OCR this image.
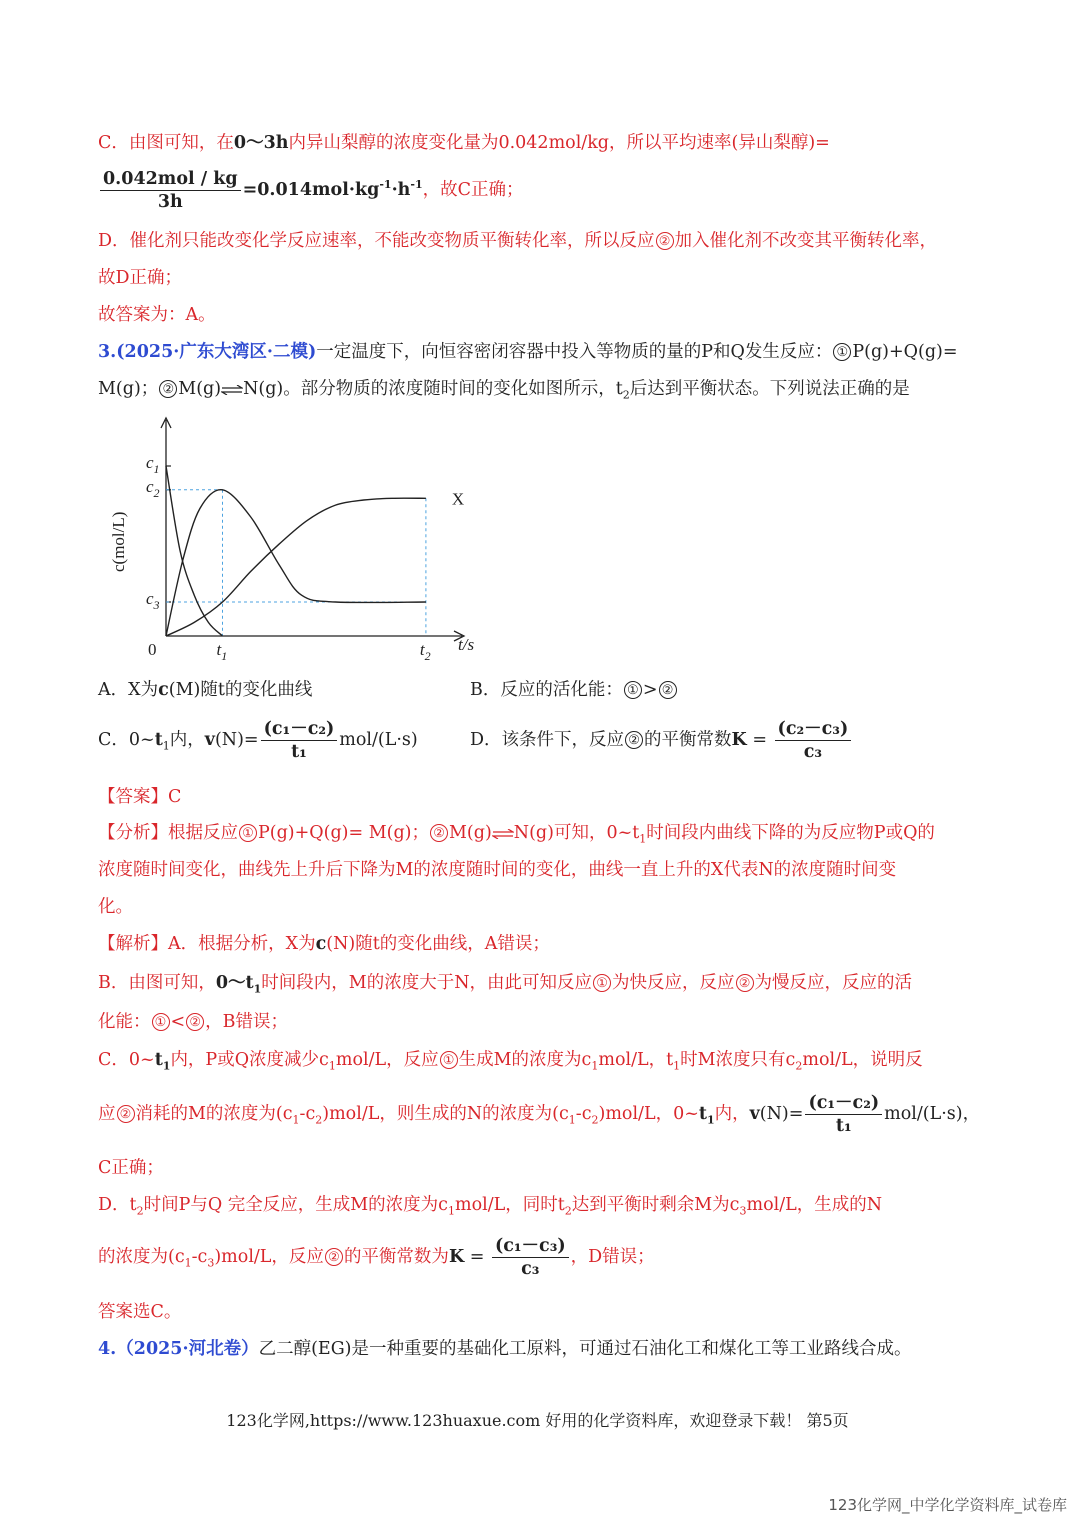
C．由图可知，在0～3h内异山梨醇的浓度变化量为0.042mol/kg，所以平均速率(异山梨醇)=
$\frac{\text{0.042mol / kg}}{3h} =0.014mol\cdot kg^{-1}\cdot h^{-1}$，故C正确；
D．催化剂只能改变化学反应速率，不能改变物质平衡转化率，所以反应 ② 加入催化剂不改变其平衡转化率，
故D正确；
故答案为：A。
3.(2025·广东大湾区·二模)一定温度下，向恒容密闭容器中投入等物质的量的P和Q发生反应： ① P(g)+Q(g)=
M(g)； ② M(g)⇌N(g)。部分物质的浓度随时间的变化如图所示，$t_2$后达到平衡状态。下列说法正确的是
$c_1$
$c_2$
$c_3$
0	$t_1$	$t_2$
t/s
X
c(mol/L)
A．X为c(M)随t的变化曲线	B．反应的活化能： ① > ②
C．$0\sim t_1$内，$v(N)= \frac{\text{(c₁－c₂)}}{\text{t₁}} mol/(L\cdot s)$	D．该条件下，反应 ② 的平衡常数$K = \frac{\text{(c₂－c₃)}}{\text{c₃}}$
【答案】C
【分析】根据反应 ① P(g)+Q(g)= M(g)； ② M(g)⇌N(g)可知，$0\sim t_1$时间段内曲线下降的为反应物P或Q的
浓度随时间变化，曲线先上升后下降为M的浓度随时间的变化，曲线一直上升的X代表N的浓度随时间变
化。
【解析】A．根据分析，X为c(N)随t的变化曲线，A错误；
B．由图可知，$0\sim t_1$时间段内，M的浓度大于N，由此可知反应 ① 为快反应，反应 ② 为慢反应，反应的活
化能： ① < ② ，B错误；
C．$0\sim t_1$内，P或Q浓度减少$c_1mol/L$，反应 ① 生成M的浓度为$c_1mol/L$，$t_1$时M浓度只有$c_2mol/L$，说明反
应 ② 消耗的M的浓度为$(c_1-c_2)mol/L$，则生成的N的浓度为$(c_1-c_2)mol/L$，$0\sim t_1$内，$v(N)= \frac{\text{(c₁－c₂)}}{\text{t₁}} mol/(L\cdot s)$，
C正确；
D．$t_2$时间P与Q 完全反应，生成M的浓度为$c_1mol/L$，同时$t_2$达到平衡时剩余M为$c_3mol/L$，生成的N
的浓度为$(c_1-c_3)mol/L$，反应 ② 的平衡常数为$K = \frac{\text{(c₁－c₃)}}{\text{c₃}}$ ，D错误；
答案选C。
4.（2025·河北卷）乙二醇(EG)是一种重要的基础化工原料，可通过石油化工和煤化工等工业路线合成。
123化学网,https://www.123huaxue.com 好用的化学资料库，欢迎登录下载！ 第5页
123化学网_中学化学资料库_试卷库
